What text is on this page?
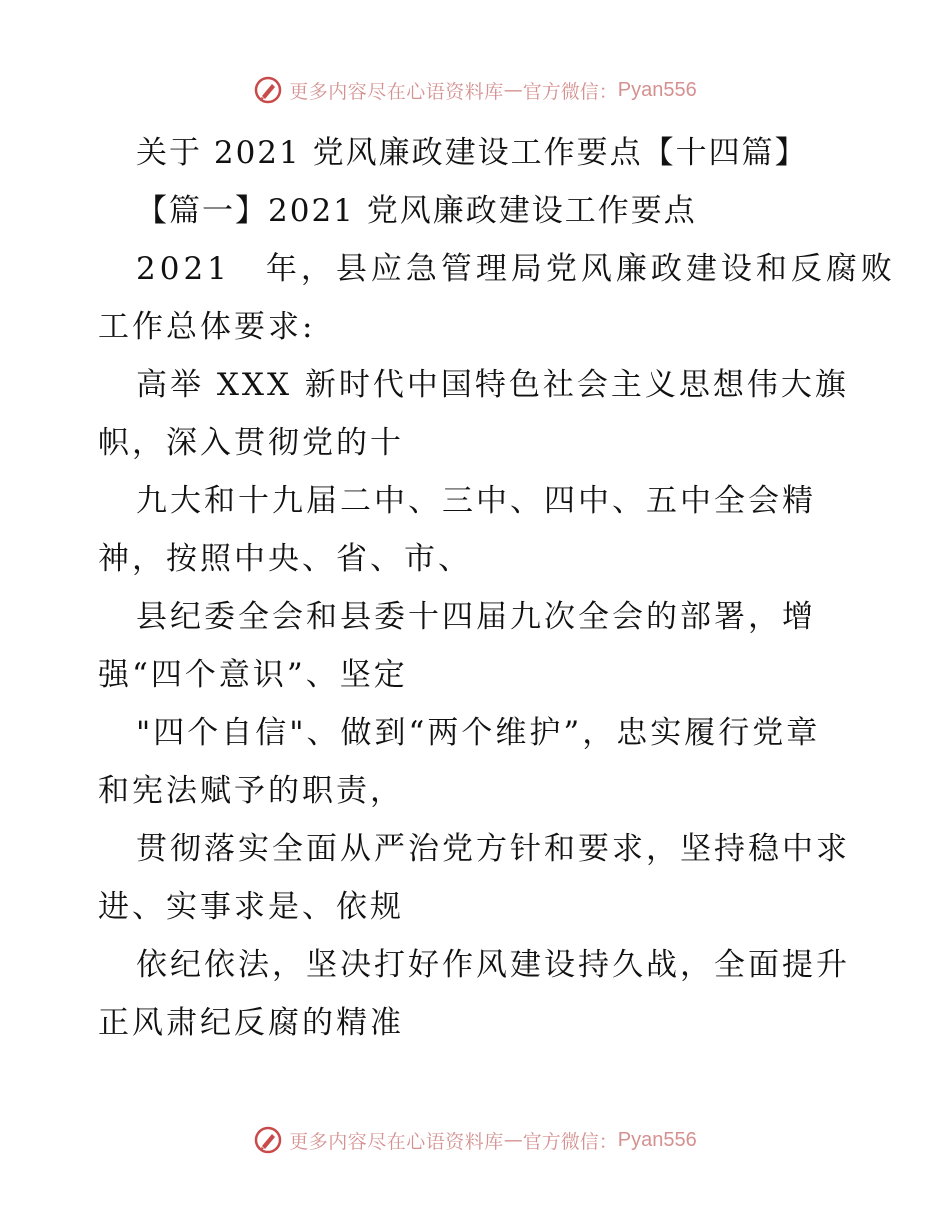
更多内容尽在心语资料库 — 官方微信： Pyan556
关于 2021 党风廉政建设工作要点【十四篇】
【篇一】2021 党风廉政建设工作要点
2021　年，县应急管理局党风廉政建设和反腐败
工作总体要求:
高举 XXX 新时代中国特色社会主义思想伟大旗
帜，深入贯彻党的十
九大和十九届二中、三中、四中、五中全会精
神，按照中央、省、市、
县纪委全会和县委十四届九次全会的部署，增
强“四个意识”、坚定
"四个自信"、做到“两个维护”，忠实履行党章
和宪法赋予的职责，
贯彻落实全面从严治党方针和要求，坚持稳中求
进、实事求是、依规
依纪依法，坚决打好作风建设持久战，全面提升
正风肃纪反腐的精准
更多内容尽在心语资料库 — 官方微信： Pyan556
